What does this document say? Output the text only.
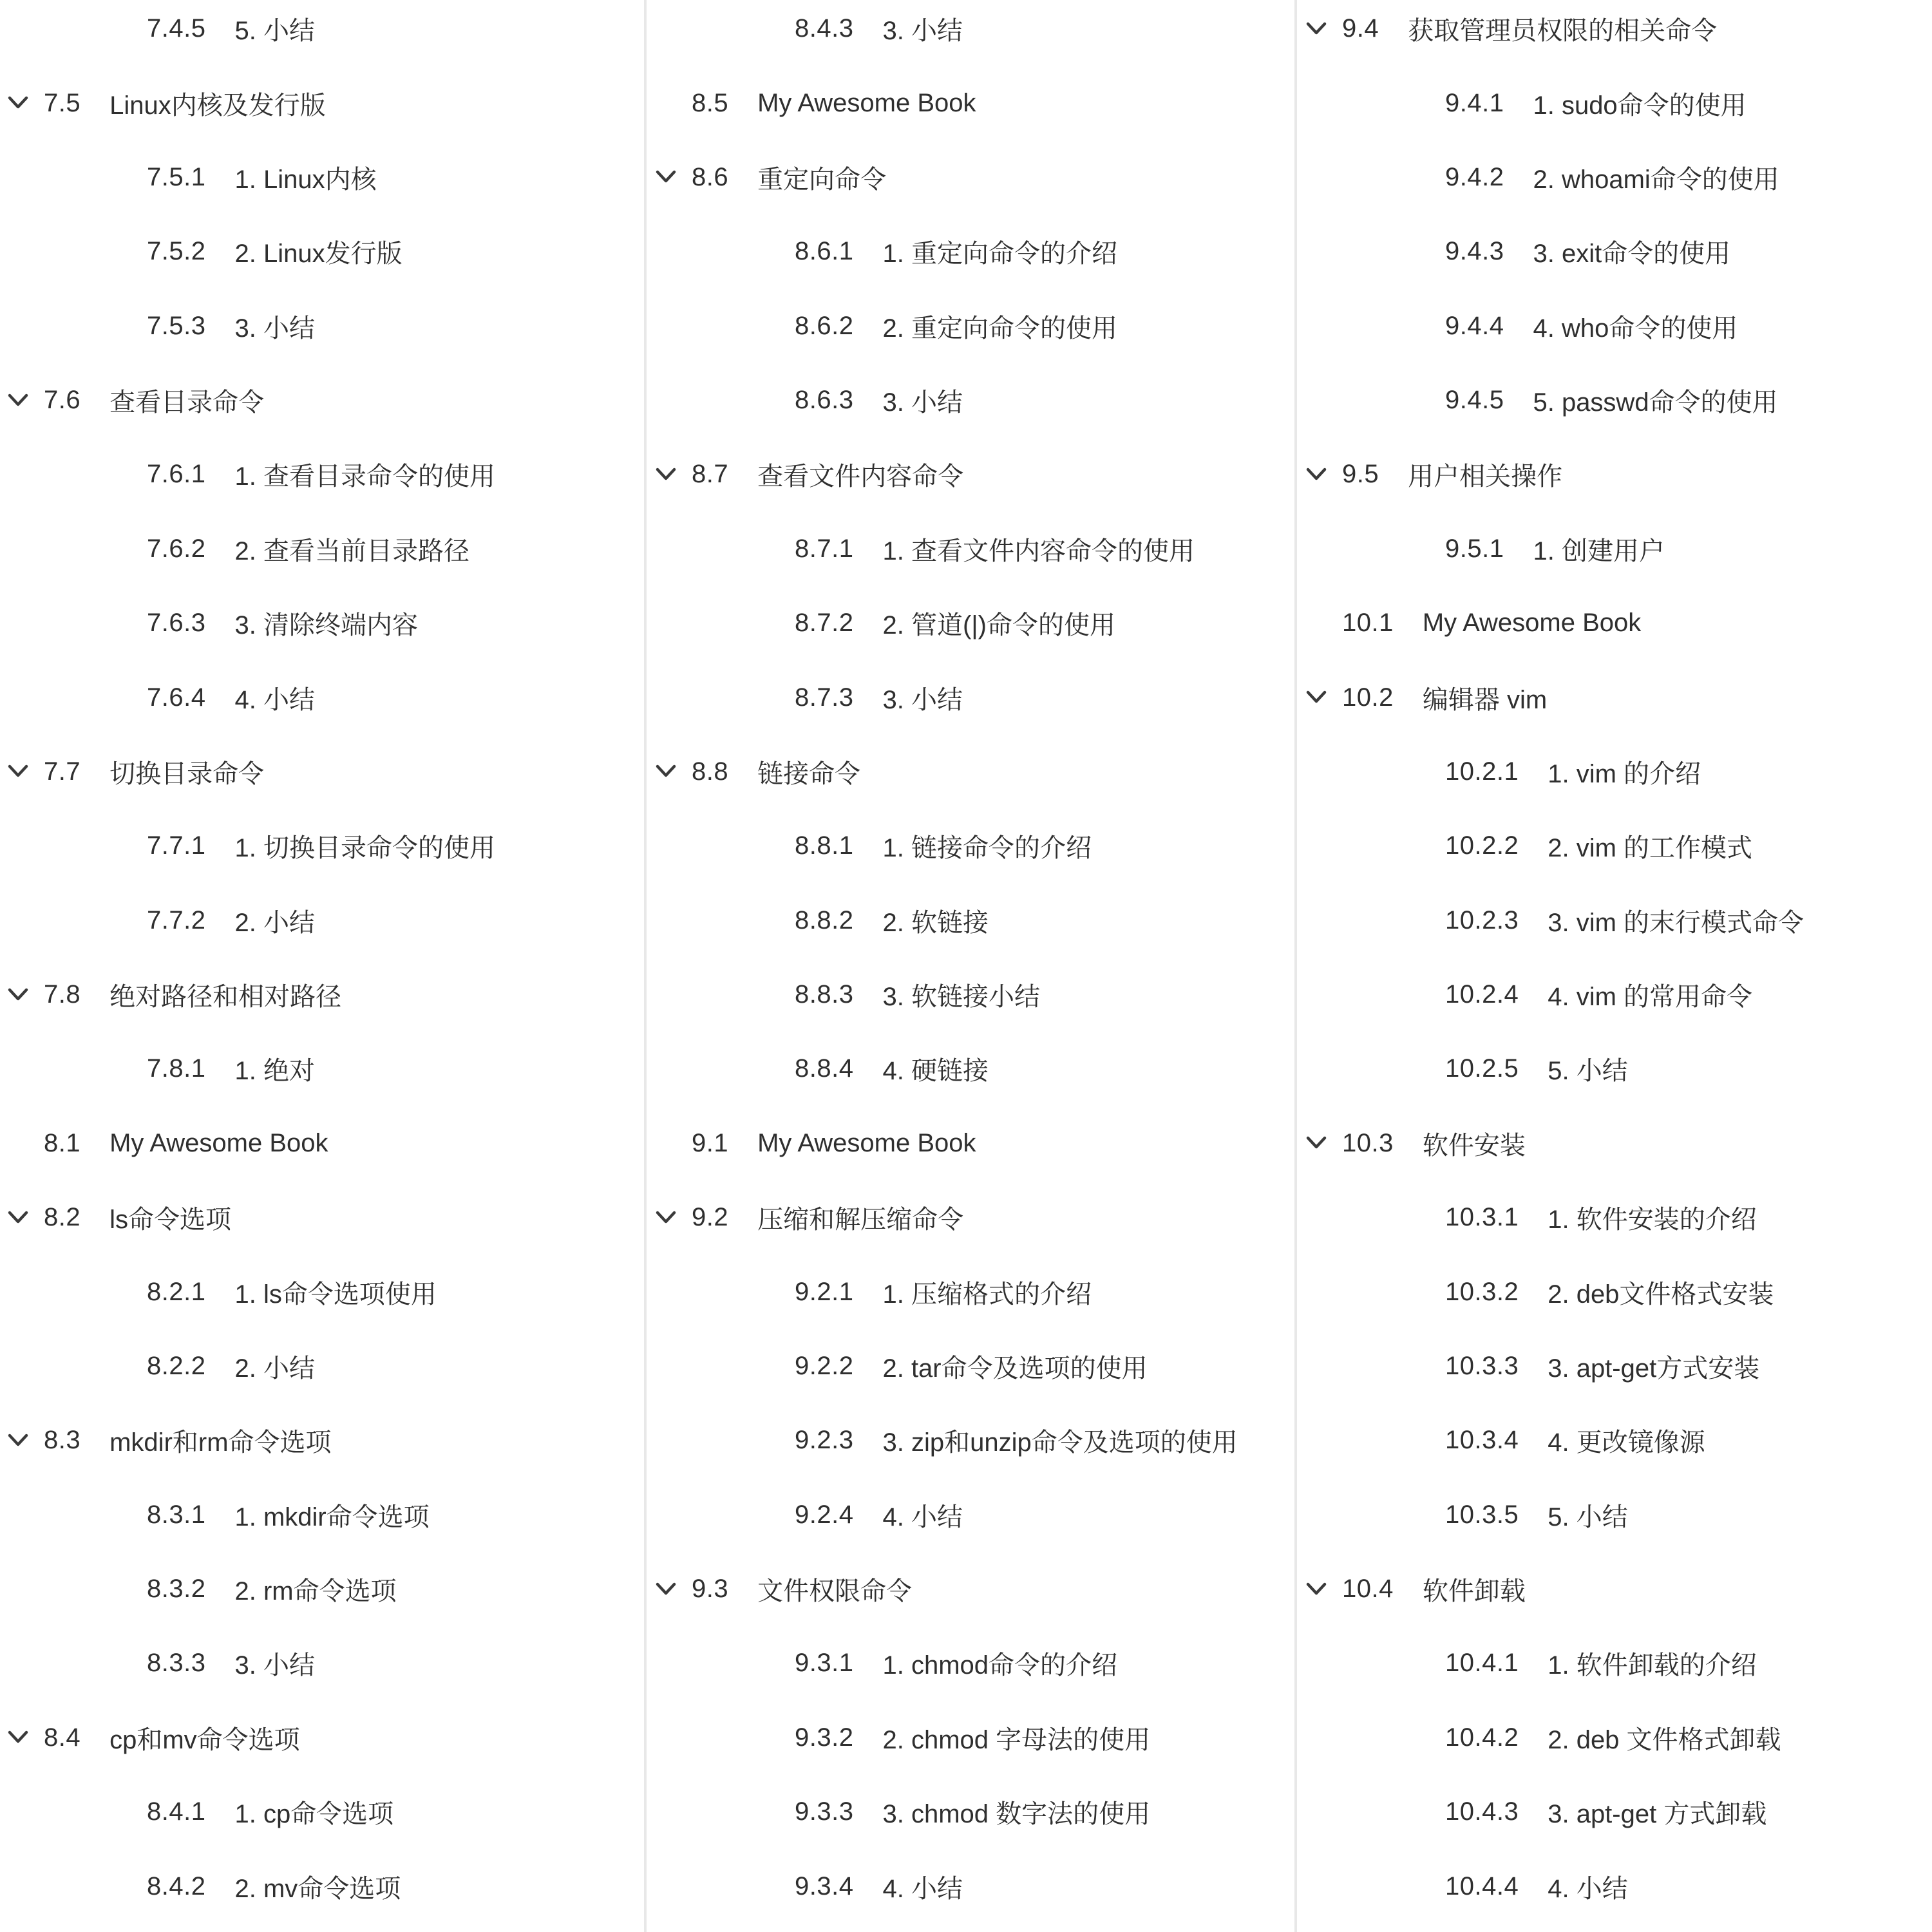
7.4.5 5. 小结
7.5 Linux内核及发行版
7.5.1 1. Linux内核
7.5.2 2. Linux发行版
7.5.3 3. 小结
7.6 查看目录命令
7.6.1 1. 查看目录命令的使用
7.6.2 2. 查看当前目录路径
7.6.3 3. 清除终端内容
7.6.4 4. 小结
7.7 切换目录命令
7.7.1 1. 切换目录命令的使用
7.7.2 2. 小结
7.8 绝对路径和相对路径
7.8.1 1. 绝对
8.1 My Awesome Book
8.2 ls命令选项
8.2.1 1. ls命令选项使用
8.2.2 2. 小结
8.3 mkdir和rm命令选项
8.3.1 1. mkdir命令选项
8.3.2 2. rm命令选项
8.3.3 3. 小结
8.4 cp和mv命令选项
8.4.1 1. cp命令选项
8.4.2 2. mv命令选项
8.4.3 3. 小结
8.5 My Awesome Book
8.6 重定向命令
8.6.1 1. 重定向命令的介绍
8.6.2 2. 重定向命令的使用
8.6.3 3. 小结
8.7 查看文件内容命令
8.7.1 1. 查看文件内容命令的使用
8.7.2 2. 管道(|)命令的使用
8.7.3 3. 小结
8.8 链接命令
8.8.1 1. 链接命令的介绍
8.8.2 2. 软链接
8.8.3 3. 软链接小结
8.8.4 4. 硬链接
9.1 My Awesome Book
9.2 压缩和解压缩命令
9.2.1 1. 压缩格式的介绍
9.2.2 2. tar命令及选项的使用
9.2.3 3. zip和unzip命令及选项的使用
9.2.4 4. 小结
9.3 文件权限命令
9.3.1 1. chmod命令的介绍
9.3.2 2. chmod 字母法的使用
9.3.3 3. chmod 数字法的使用
9.3.4 4. 小结
9.4 获取管理员权限的相关命令
9.4.1 1. sudo命令的使用
9.4.2 2. whoami命令的使用
9.4.3 3. exit命令的使用
9.4.4 4. who命令的使用
9.4.5 5. passwd命令的使用
9.5 用户相关操作
9.5.1 1. 创建用户
10.1 My Awesome Book
10.2 编辑器 vim
10.2.1 1. vim 的介绍
10.2.2 2. vim 的工作模式
10.2.3 3. vim 的末行模式命令
10.2.4 4. vim 的常用命令
10.2.5 5. 小结
10.3 软件安装
10.3.1 1. 软件安装的介绍
10.3.2 2. deb文件格式安装
10.3.3 3. apt-get方式安装
10.3.4 4. 更改镜像源
10.3.5 5. 小结
10.4 软件卸载
10.4.1 1. 软件卸载的介绍
10.4.2 2. deb 文件格式卸载
10.4.3 3. apt-get 方式卸载
10.4.4 4. 小结
